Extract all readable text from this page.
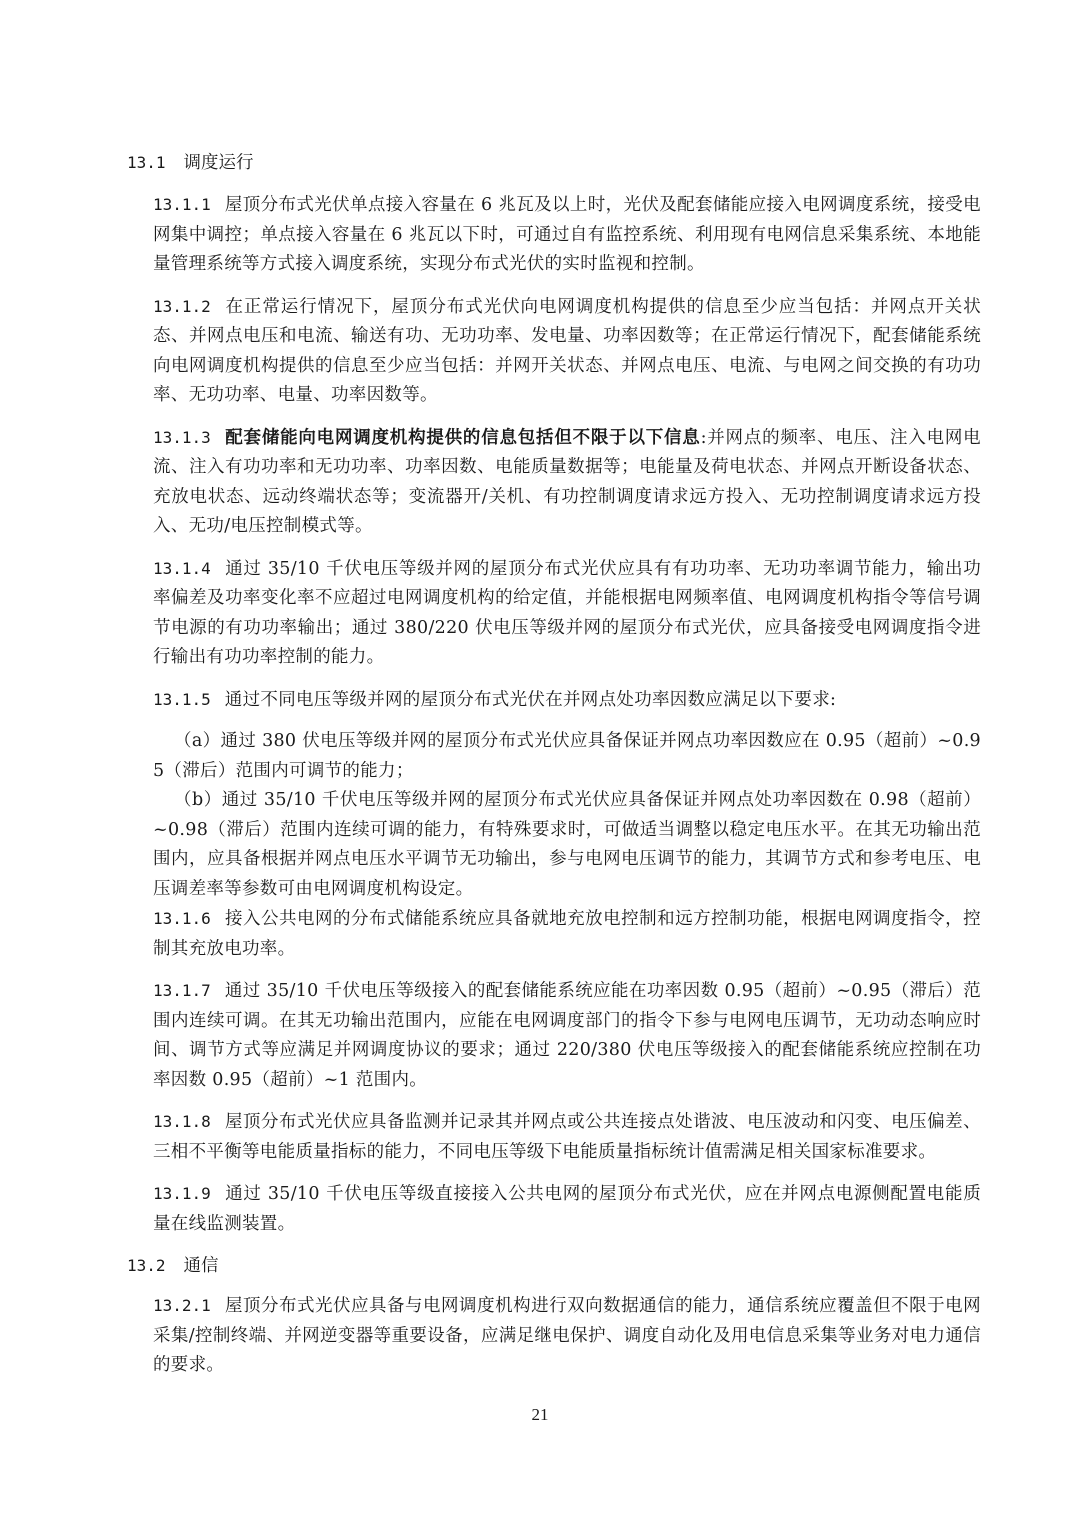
13.1 调度运行

13.1.1 屋顶分布式光伏单点接入容量在 6 兆瓦及以上时，光伏及配套储能应接入电网调度系统，接受电网集中调控；单点接入容量在 6 兆瓦以下时，可通过自有监控系统、利用现有电网信息采集系统、本地能量管理系统等方式接入调度系统，实现分布式光伏的实时监视和控制。

13.1.2 在正常运行情况下，屋顶分布式光伏向电网调度机构提供的信息至少应当包括：并网点开关状态、并网点电压和电流、输送有功、无功功率、发电量、功率因数等；在正常运行情况下，配套储能系统向电网调度机构提供的信息至少应当包括：并网开关状态、并网点电压、电流、与电网之间交换的有功功率、无功功率、电量、功率因数等。

13.1.3 配套储能向电网调度机构提供的信息包括但不限于以下信息:并网点的频率、电压、注入电网电流、注入有功功率和无功功率、功率因数、电能质量数据等；电能量及荷电状态、并网点开断设备状态、充放电状态、远动终端状态等；变流器开/关机、有功控制调度请求远方投入、无功控制调度请求远方投入、无功/电压控制模式等。

13.1.4 通过 35/10 千伏电压等级并网的屋顶分布式光伏应具有有功功率、无功功率调节能力，输出功率偏差及功率变化率不应超过电网调度机构的给定值，并能根据电网频率值、电网调度机构指令等信号调节电源的有功功率输出；通过 380/220 伏电压等级并网的屋顶分布式光伏，应具备接受电网调度指令进行输出有功功率控制的能力。

13.1.5 通过不同电压等级并网的屋顶分布式光伏在并网点处功率因数应满足以下要求:

（a）通过 380 伏电压等级并网的屋顶分布式光伏应具备保证并网点功率因数应在 0.95（超前）~0.95（滞后）范围内可调节的能力；

（b）通过 35/10 千伏电压等级并网的屋顶分布式光伏应具备保证并网点处功率因数在 0.98（超前）~0.98（滞后）范围内连续可调的能力，有特殊要求时，可做适当调整以稳定电压水平。在其无功输出范围内，应具备根据并网点电压水平调节无功输出，参与电网电压调节的能力，其调节方式和参考电压、电压调差率等参数可由电网调度机构设定。

13.1.6 接入公共电网的分布式储能系统应具备就地充放电控制和远方控制功能，根据电网调度指令，控制其充放电功率。

13.1.7 通过 35/10 千伏电压等级接入的配套储能系统应能在功率因数 0.95（超前）~0.95（滞后）范围内连续可调。在其无功输出范围内，应能在电网调度部门的指令下参与电网电压调节，无功动态响应时间、调节方式等应满足并网调度协议的要求；通过 220/380 伏电压等级接入的配套储能系统应控制在功率因数 0.95（超前）~1 范围内。

13.1.8 屋顶分布式光伏应具备监测并记录其并网点或公共连接点处谐波、电压波动和闪变、电压偏差、三相不平衡等电能质量指标的能力，不同电压等级下电能质量指标统计值需满足相关国家标准要求。

13.1.9 通过 35/10 千伏电压等级直接接入公共电网的屋顶分布式光伏，应在并网点电源侧配置电能质量在线监测装置。

13.2 通信

13.2.1 屋顶分布式光伏应具备与电网调度机构进行双向数据通信的能力，通信系统应覆盖但不限于电网采集/控制终端、并网逆变器等重要设备，应满足继电保护、调度自动化及用电信息采集等业务对电力通信的要求。

21
